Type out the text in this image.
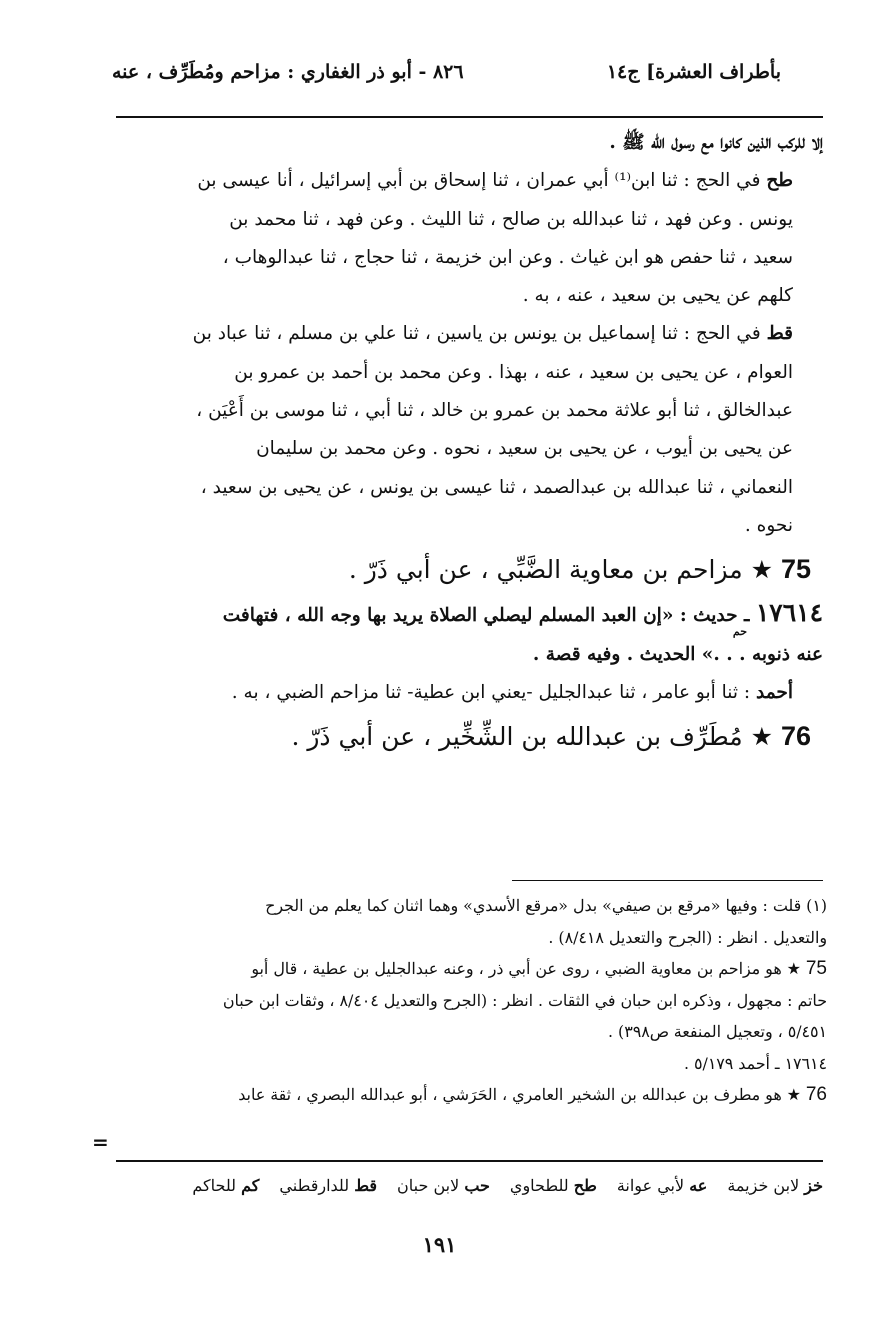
بأطراف العشرة] ج١٤
٨٢٦ - أبو ذر الغفاري : مزاحم ومُطَرِّف ، عنه

إلا للركب الذين كانوا مع رسول الله ﷺ .

طح في الحج : ثنا ابن⁽¹⁾ أبي عمران ، ثنا إسحاق بن أبي إسرائيل ، أنا عيسى بن
يونس . وعن فهد ، ثنا عبدالله بن صالح ، ثنا الليث . وعن فهد ، ثنا محمد بن
سعيد ، ثنا حفص هو ابن غياث . وعن ابن خزيمة ، ثنا حجاج ، ثنا عبدالوهاب ،
كلهم عن يحيى بن سعيد ، عنه ، به .

قط في الحج : ثنا إسماعيل بن يونس بن ياسين ، ثنا علي بن مسلم ، ثنا عباد بن
العوام ، عن يحيى بن سعيد ، عنه ، بهذا . وعن محمد بن أحمد بن عمرو بن
عبدالخالق ، ثنا أبو علاثة محمد بن عمرو بن خالد ، ثنا أبي ، ثنا موسى بن أَعْيَن ،
عن يحيى بن أيوب ، عن يحيى بن سعيد ، نحوه . وعن محمد بن سليمان
النعماني ، ثنا عبدالله بن عبدالصمد ، ثنا عيسى بن يونس ، عن يحيى بن سعيد ،
نحوه .

75 ★ مزاحم بن معاوية الضَّبِّي ، عن أبي ذَرّ .

١٧٦١٤
حم
ـ حديث : «إن العبد المسلم ليصلي الصلاة يريد بها وجه الله ، فتهافت
عنه ذنوبه . . .» الحديث . وفيه قصة .

أحمد : ثنا أبو عامر ، ثنا عبدالجليل -يعني ابن عطية- ثنا مزاحم الضبي ، به .

76 ★ مُطَرِّف بن عبدالله بن الشِّخِّير ، عن أبي ذَرّ .

(١) قلت : وفيها «مرقع بن صيفي» بدل «مرقع الأسدي» وهما اثنان كما يعلم من الجرح
والتعديل . انظر : (الجرح والتعديل ٨/٤١٨) .

75 ★ هو مزاحم بن معاوية الضبي ، روى عن أبي ذر ، وعنه عبدالجليل بن عطية ، قال أبو
حاتم : مجهول ، وذكره ابن حبان في الثقات . انظر : (الجرح والتعديل ٨/٤٠٤ ، وثقات ابن حبان
٥/٤٥١ ، وتعجيل المنفعة ص٣٩٨) .

١٧٦١٤ ـ أحمد ٥/١٧٩ .

76 ★ هو مطرف بن عبدالله بن الشخير العامري ، الحَرَشي ، أبو عبدالله البصري ، ثقة عابد

=
خز لابن خزيمة
عه لأبي عوانة
طح للطحاوي
حب لابن حبان
قط للدارقطني
كم للحاكم
١٩١
